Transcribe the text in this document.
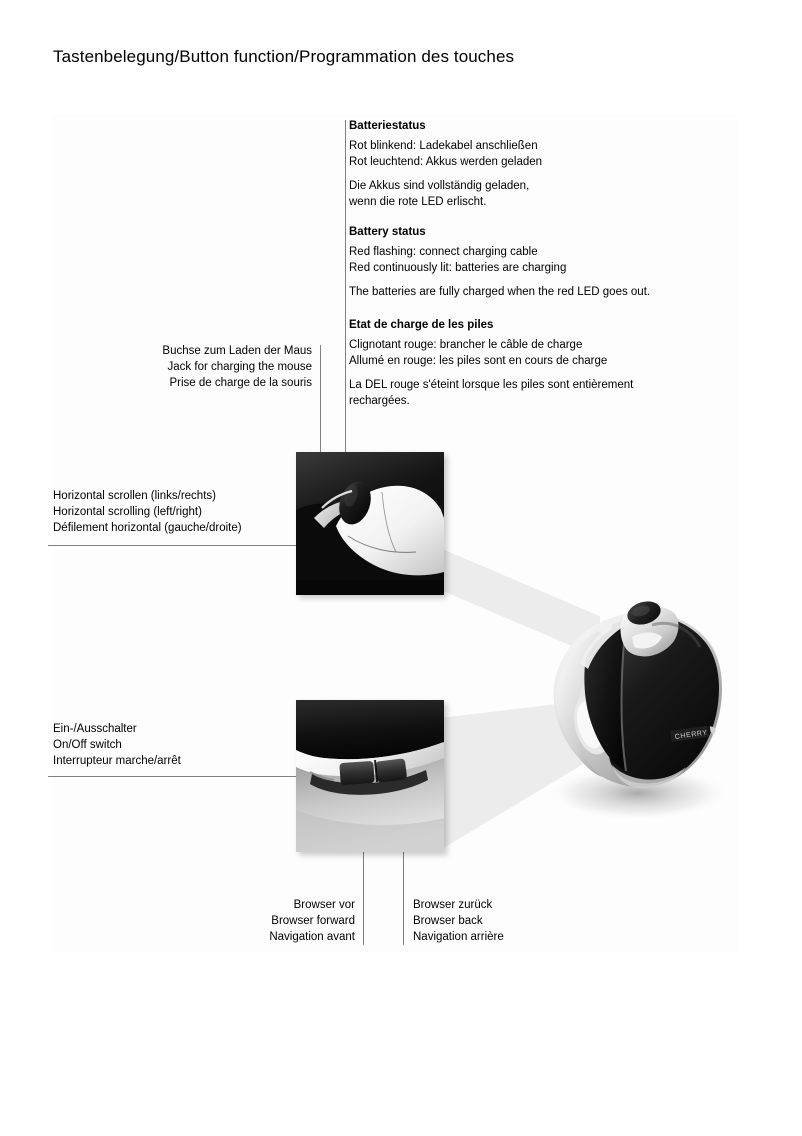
Tastenbelegung/Button function/Programmation des touches
Batteriestatus
Rot blinkend: Ladekabel anschließen
Rot leuchtend: Akkus werden geladen
Die Akkus sind vollständig geladen,
wenn die rote LED erlischt.
Battery status
Red flashing: connect charging cable
Red continuously lit: batteries are charging
The batteries are fully charged when the red LED goes out.
Etat de charge de les piles
Clignotant rouge: brancher le câble de charge
Allumé en rouge: les piles sont en cours de charge
La DEL rouge s'éteint lorsque les piles sont entièrement
rechargées.
Buchse zum Laden der Maus
Jack for charging the mouse
Prise de charge de la souris
Horizontal scrollen (links/rechts)
Horizontal scrolling (left/right)
Défilement horizontal (gauche/droite)
Ein-/Ausschalter
On/Off switch
Interrupteur marche/arrêt
Browser vor
Browser forward
Navigation avant
Browser zurück
Browser back
Navigation arrière
CHERRY
